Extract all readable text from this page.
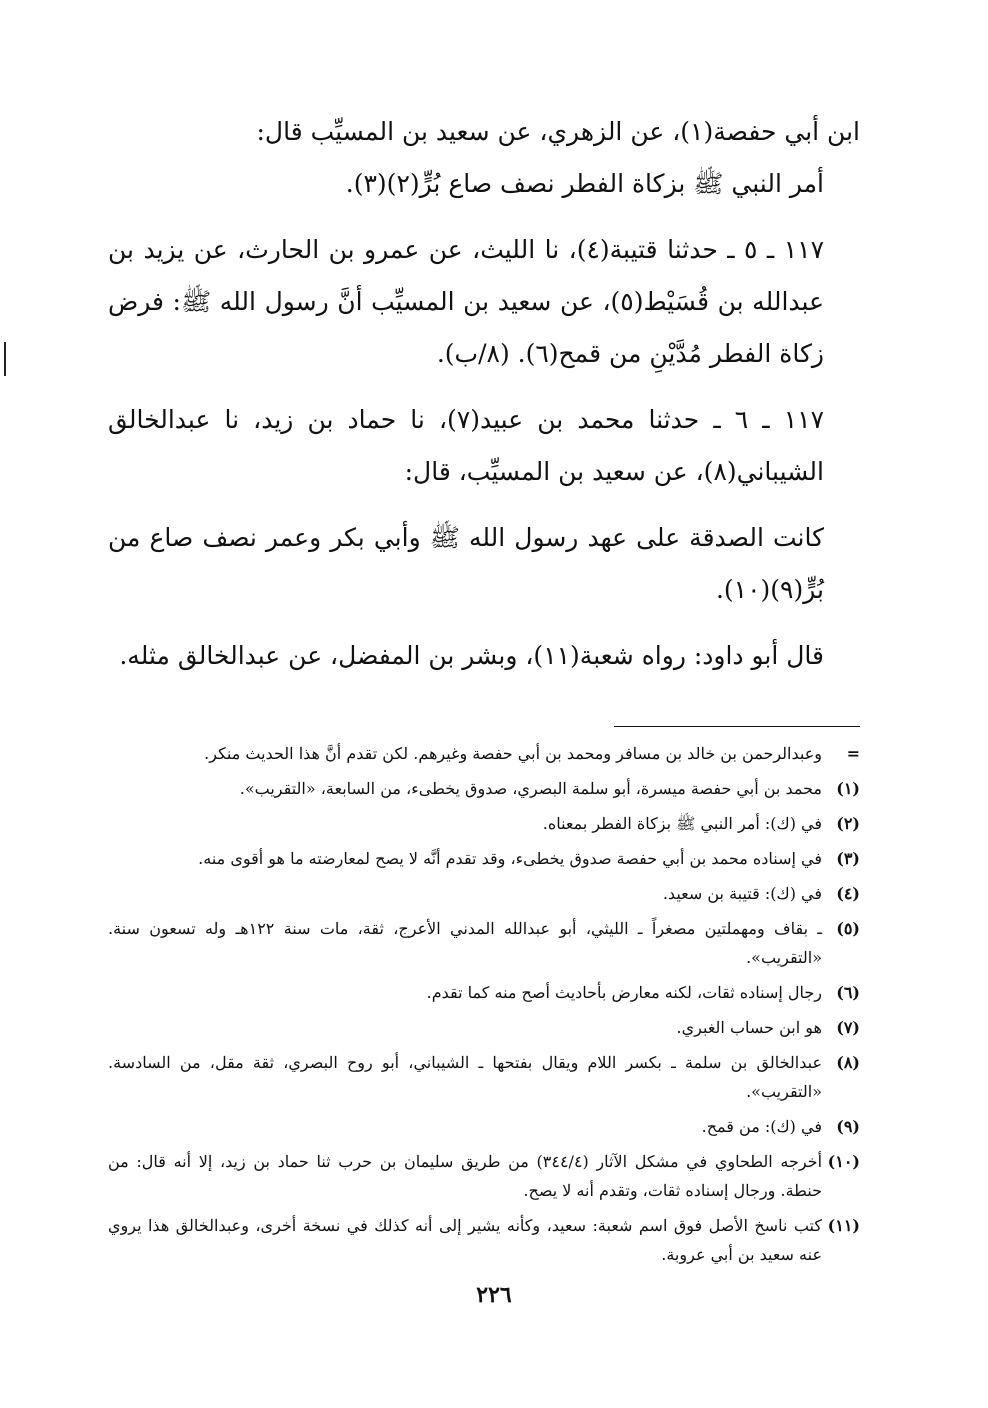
ابن أبي حفصة(١)، عن الزهري، عن سعيد بن المسيِّب قال:

أمر النبي ﷺ بزكاة الفطر نصف صاع بُرٍّ(٢)(٣).

١١٧ ـ ٥ ـ حدثنا قتيبة(٤)، نا الليث، عن عمرو بن الحارث، عن يزيد بن عبدالله بن قُسَيْط(٥)، عن سعيد بن المسيِّب أنَّ رسول الله ﷺ: فرض زكاة الفطر مُدَّيْنِ من قمح(٦). (٨/ب).

١١٧ ـ ٦ ـ حدثنا محمد بن عبيد(٧)، نا حماد بن زيد، نا عبدالخالق الشيباني(٨)، عن سعيد بن المسيِّب، قال:

كانت الصدقة على عهد رسول الله ﷺ وأبي بكر وعمر نصف صاع من بُرٍّ(٩)(١٠).

قال أبو داود: رواه شعبة(١١)، وبشر بن المفضل، عن عبدالخالق مثله.

=
وعبدالرحمن بن خالد بن مسافر ومحمد بن أبي حفصة وغيرهم. لكن تقدم أنَّ هذا الحديث منكر.
(١)
محمد بن أبي حفصة ميسرة، أبو سلمة البصري، صدوق يخطىء، من السابعة، «التقريب».
(٢)
في (ك): أمر النبي ﷺ بزكاة الفطر بمعناه.
(٣)
في إسناده محمد بن أبي حفصة صدوق يخطىء، وقد تقدم أنَّه لا يصح لمعارضته ما هو أقوى منه.
(٤)
في (ك): قتيبة بن سعيد.
(٥)
ـ بقاف ومهملتين مصغراً ـ الليثي، أبو عبدالله المدني الأعرج، ثقة، مات سنة ١٢٢هـ وله تسعون سنة. «التقريب».
(٦)
رجال إسناده ثقات، لكنه معارض بأحاديث أصح منه كما تقدم.
(٧)
هو ابن حساب الغبري.
(٨)
عبدالخالق بن سلمة ـ بكسر اللام ويقال بفتحها ـ الشيباني، أبو روح البصري، ثقة مقل، من السادسة. «التقريب».
(٩)
في (ك): من قمح.
(١٠)
أخرجه الطحاوي في مشكل الآثار (٣٤٤/٤) من طريق سليمان بن حرب ثنا حماد بن زيد، إلا أنه قال: من حنطة. ورجال إسناده ثقات، وتقدم أنه لا يصح.
(١١)
كتب ناسخ الأصل فوق اسم شعبة: سعيد، وكأنه يشير إلى أنه كذلك في نسخة أخرى، وعبدالخالق هذا يروي عنه سعيد بن أبي عروبة.
٢٢٦
